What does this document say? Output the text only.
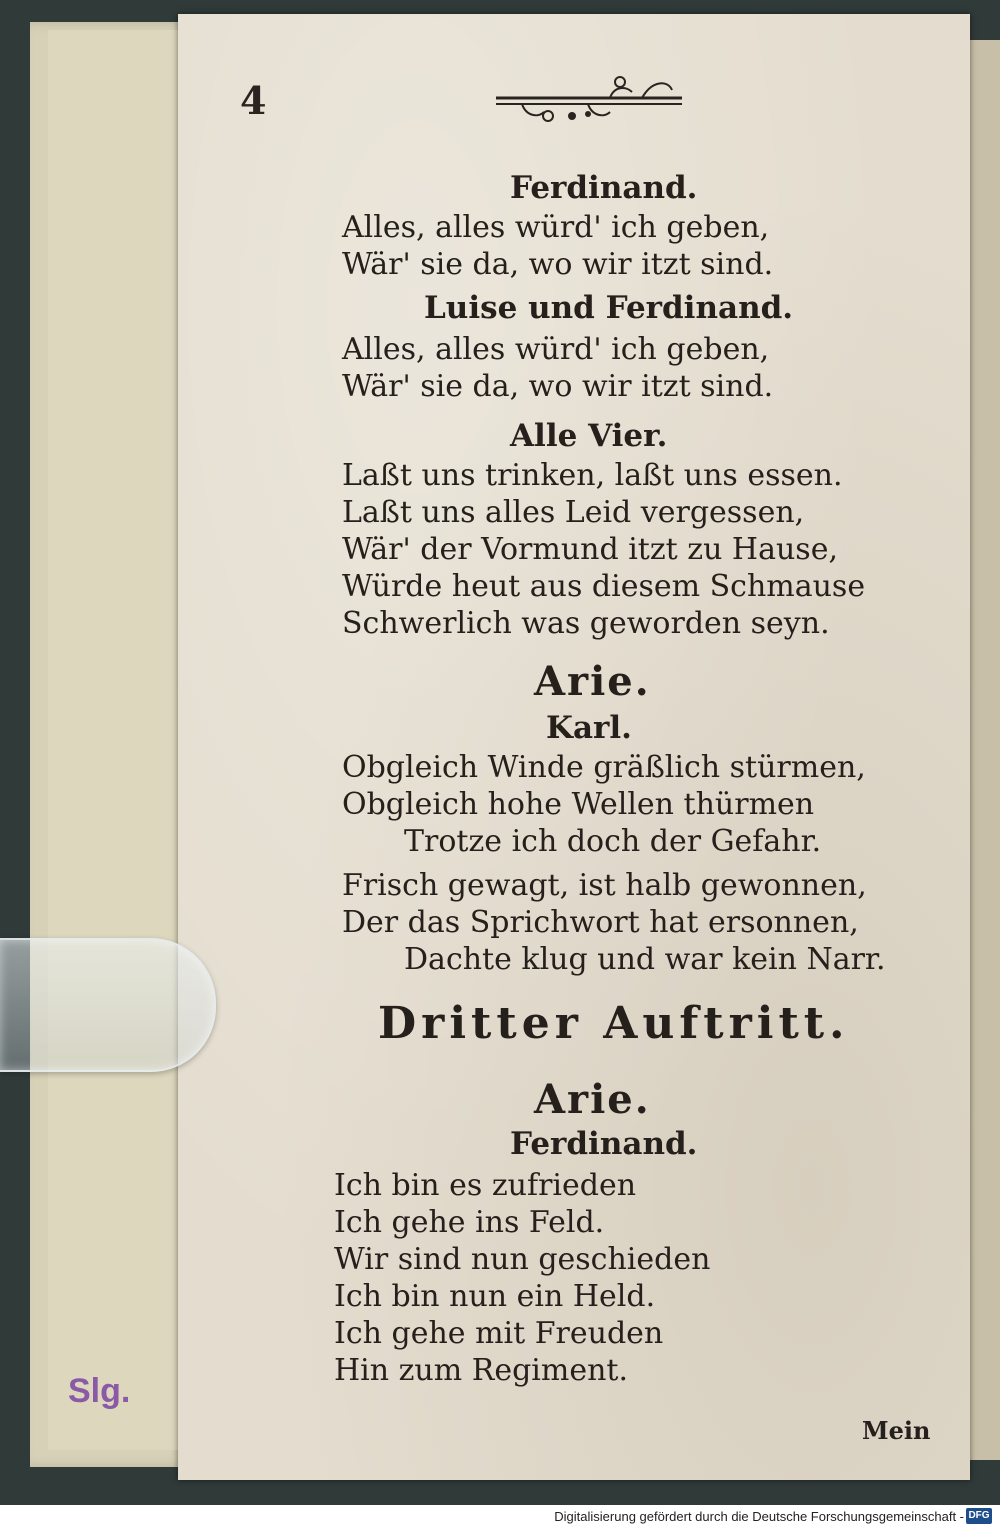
4
Ferdinand.
Alles, alles würd' ich geben,
Wär' sie da, wo wir itzt sind.
Luise und Ferdinand.
Alles, alles würd' ich geben,
Wär' sie da, wo wir itzt sind.
Alle Vier.
Laßt uns trinken, laßt uns essen.
Laßt uns alles Leid vergessen,
Wär' der Vormund itzt zu Hause,
Würde heut aus diesem Schmause
Schwerlich was geworden seyn.
Arie.
Karl.
Obgleich Winde gräßlich stürmen,
Obgleich hohe Wellen thürmen
Trotze ich doch der Gefahr.
Frisch gewagt, ist halb gewonnen,
Der das Sprichwort hat ersonnen,
Dachte klug und war kein Narr.
Dritter Auftritt.
Arie.
Ferdinand.
Ich bin es zufrieden
Ich gehe ins Feld.
Wir sind nun geschieden
Ich bin nun ein Held.
Ich gehe mit Freuden
Hin zum Regiment.
Mein
Slg.
Digitalisierung gefördert durch die Deutsche Forschungsgemeinschaft - DFG
